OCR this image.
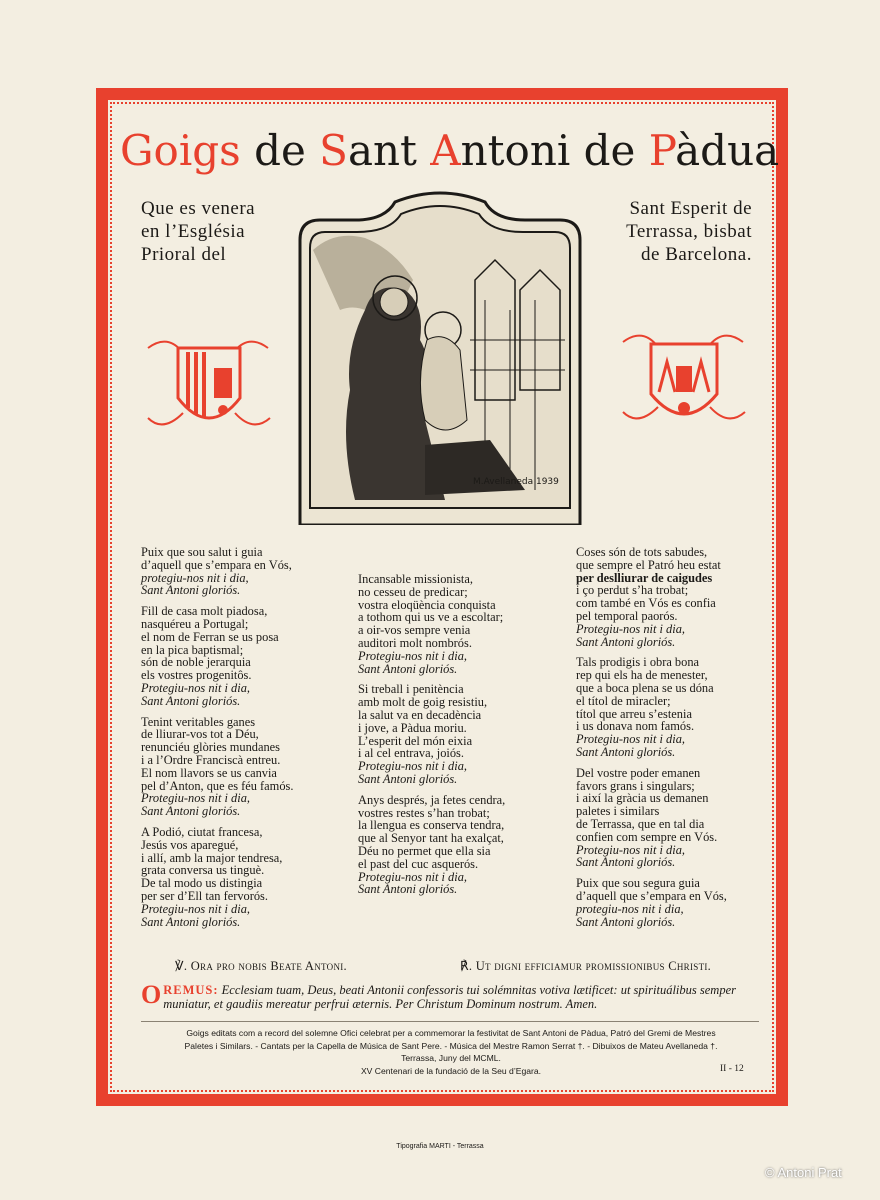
Goigs de Sant Antoni de Pàdua
Que es venera
en l’Església
Prioral del
Sant Esperit de
Terrassa, bisbat
de Barcelona.
M.Avellaneda 1939
Puix que sou salut i guia
d’aquell que s’empara en Vós,
protegiu-nos nit i dia,
Sant Antoni gloriós.
Fill de casa molt piadosa,
nasquéreu a Portugal;
el nom de Ferran se us posa
en la pica baptismal;
són de noble jerarquia
els vostres progenitôs.
Protegiu-nos nit i dia,
Sant Antoni gloriós.
Tenint veritables ganes
de lliurar-vos tot a Déu,
renunciéu glòries mundanes
i a l’Ordre Franciscà entreu.
El nom llavors se us canvia
pel d’Anton, que es féu famós.
Protegiu-nos nit i dia,
Sant Antoni gloriós.
A Podió, ciutat francesa,
Jesús vos aparegué,
i allí, amb la major tendresa,
grata conversa us tinguè.
De tal modo us distingia
per ser d’Ell tan fervorós.
Protegiu-nos nit i dia,
Sant Antoni gloriós.
Incansable missionista,
no cesseu de predicar;
vostra eloqüència conquista
a tothom qui us ve a escoltar;
a oir-vos sempre venia
auditori molt nombrós.
Protegiu-nos nit i dia,
Sant Antoni gloriós.
Si treball i penitència
amb molt de goig resistiu,
la salut va en decadència
i jove, a Pàdua moriu.
L’esperit del món eixia
i al cel entrava, joiós.
Protegiu-nos nit i dia,
Sant Antoni gloriós.
Anys després, ja fetes cendra,
vostres restes s’han trobat;
la llengua es conserva tendra,
que al Senyor tant ha exalçat,
Déu no permet que ella sia
el past del cuc asquerós.
Protegiu-nos nit i dia,
Sant Antoni gloriós.
Coses són de tots sabudes,
que sempre el Patró heu estat
per deslliurar de caigudes
i ço perdut s’ha trobat;
com també en Vós es confia
pel temporal paorós.
Protegiu-nos nit i dia,
Sant Antoni gloriós.
Tals prodigis i obra bona
rep qui els ha de menester,
que a boca plena se us dóna
el títol de miracler;
títol que arreu s’estenia
i us donava nom famós.
Protegiu-nos nit i dia,
Sant Antoni gloriós.
Del vostre poder emanen
favors grans i singulars;
i així la gràcia us demanen
paletes i similars
de Terrassa, que en tal dia
confien com sempre en Vós.
Protegiu-nos nit i dia,
Sant Antoni gloriós.
Puix que sou segura guia
d’aquell que s’empara en Vós,
protegiu-nos nit i dia,
Sant Antoni gloriós.
℣. Ora pro nobis Beate Antoni.	℟. Ut digni efficiamur promissionibus Christi.
OREMUS: Ecclesiam tuam, Deus, beati Antonii confessoris tui solémnitas votiva lætificet: ut spirituálibus semper muniatur, et gaudiis mereatur perfrui æternis. Per Christum Dominum nostrum. Amen.
Goigs editats com a record del solemne Ofici celebrat per a commemorar la festivitat de Sant Antoni de Pàdua, Patró del Gremi de Mestres
Paletes i Similars. - Cantats per la Capella de Música de Sant Pere. - Música del Mestre Ramon Serrat †. - Dibuixos de Mateu Avellaneda †.
Terrassa, Juny del MCML.
XV Centenari de la fundació de la Seu d’Egara.	II - 12
Tipografia MARTI - Terrassa
© Antoni Prat
